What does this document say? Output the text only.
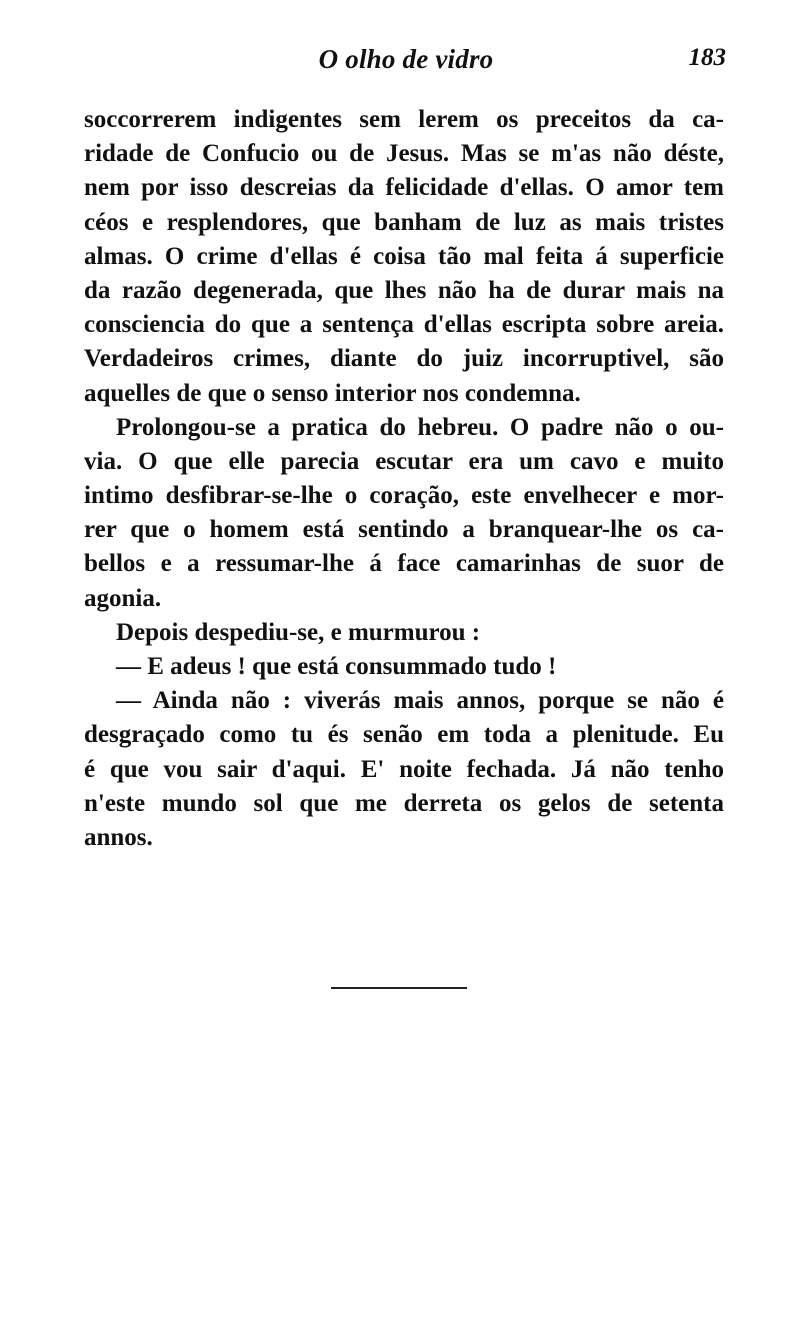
O olho de vidro	183
soccorrerem indigentes sem lerem os preceitos da ca-
ridade de Confucio ou de Jesus. Mas se m'as não déste,
nem por isso descreias da felicidade d'ellas. O amor tem
céos e resplendores, que banham de luz as mais tristes
almas. O crime d'ellas é coisa tão mal feita á superficie
da razão degenerada, que lhes não ha de durar mais na
consciencia do que a sentença d'ellas escripta sobre areia.
Verdadeiros crimes, diante do juiz incorruptivel, são
aquelles de que o senso interior nos condemna.
Prolongou-se a pratica do hebreu. O padre não o ou-
via. O que elle parecia escutar era um cavo e muito
intimo desfibrar-se-lhe o coração, este envelhecer e mor-
rer que o homem está sentindo a branquear-lhe os ca-
bellos e a ressumar-lhe á face camarinhas de suor de
agonia.
Depois despediu-se, e murmurou :
— E adeus ! que está consummado tudo !
— Ainda não : viverás mais annos, porque se não é
desgraçado como tu és senão em toda a plenitude. Eu
é que vou sair d'aqui. E' noite fechada. Já não tenho
n'este mundo sol que me derreta os gelos de setenta
annos.
